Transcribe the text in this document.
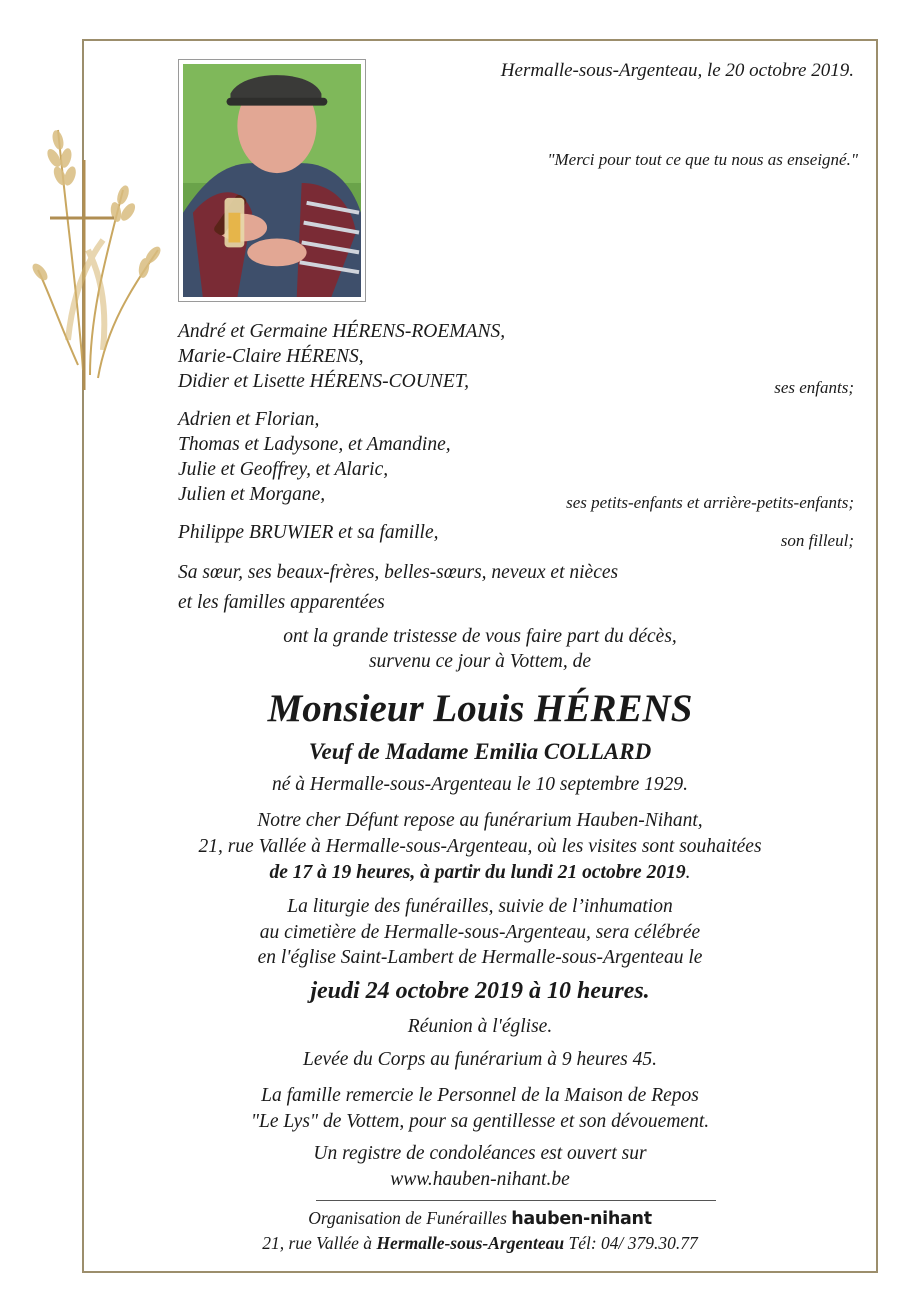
Hermalle-sous-Argenteau, le 20 octobre 2019.
"Merci pour tout ce que tu nous as enseigné."
André et Germaine HÉRENS-ROEMANS,
Marie-Claire HÉRENS,
Didier et Lisette HÉRENS-COUNET,	ses enfants;
Adrien et Florian,
Thomas et Ladysone, et Amandine,
Julie et Geoffrey, et Alaric,
Julien et Morgane,	ses petits-enfants et arrière-petits-enfants;
Philippe BRUWIER et sa famille,	son filleul;
Sa sœur, ses beaux-frères, belles-sœurs, neveux et nièces
et les familles apparentées
ont la grande tristesse de vous faire part du décès,
survenu ce jour à Vottem, de
Monsieur Louis HÉRENS
Veuf de Madame Emilia COLLARD
né à Hermalle-sous-Argenteau le 10 septembre 1929.
Notre cher Défunt repose au funérarium Hauben-Nihant,
21, rue Vallée à Hermalle-sous-Argenteau, où les visites sont souhaitées
de 17 à 19 heures, à partir du lundi 21 octobre 2019.
La liturgie des funérailles, suivie de l’inhumation
au cimetière de Hermalle-sous-Argenteau, sera célébrée
en l'église Saint-Lambert de Hermalle-sous-Argenteau le
jeudi 24 octobre 2019 à 10 heures.
Réunion à l'église.
Levée du Corps au funérarium à 9 heures 45.
La famille remercie le Personnel de la Maison de Repos
"Le Lys" de Vottem, pour sa gentillesse et son dévouement.
Un registre de condoléances est ouvert sur
www.hauben-nihant.be
Organisation de Funérailles hauben-nihant
21, rue Vallée à Hermalle-sous-Argenteau Tél: 04/ 379.30.77
